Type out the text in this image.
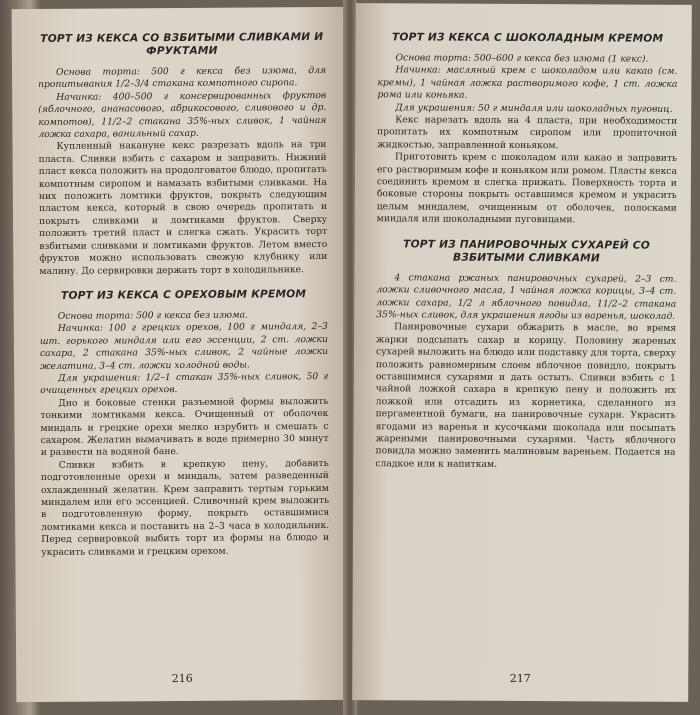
ТОРТ ИЗ КЕКСА СО ВЗБИТЫМИ СЛИВКАМИ И ФРУКТАМИ

Основа торта: 500 г кекса без изюма, для пропитывания 1/2–3/4 стакана компотного сиропа.

Начинка: 400–500 г консервированных фруктов (яблочного, ананасового, абрикосового, сливового и др. компотов), 11/2–2 стакана 35%-ных сливок, 1 чайная ложка сахара, ванильный сахар.

Купленный накануне кекс разрезать вдоль на три пласта. Сливки взбить с сахаром и заправить. Нижний пласт кекса положить на продолговатое блюдо, пропитать компотным сиропом и намазать взбитыми сливками. На них положить ломтики фруктов, покрыть следующим пластом кекса, который в свою очередь пропитать и покрыть сливками и ломтиками фруктов. Сверху положить третий пласт и слегка сжать. Украсить торт взбитыми сливками и ломтиками фруктов. Летом вместо фруктов можно использовать свежую клубнику или малину. До сервировки держать торт в холодильнике.

ТОРТ ИЗ КЕКСА С ОРЕХОВЫМ КРЕМОМ

Основа торта: 500 г кекса без изюма.

Начинка: 100 г грецких орехов, 100 г миндаля, 2–3 шт. горького миндаля или его эссенции, 2 ст. ложки сахара, 2 стакана 35%-ных сливок, 2 чайные ложки желатина, 3–4 ст. ложки холодной воды.

Для украшения: 1/2–1 стакан 35%-ных сливок, 50 г очищенных грецких орехов.

Дно и боковые стенки разъемной формы выложить тонкими ломтиками кекса. Очищенный от оболочек миндаль и грецкие орехи мелко изрубить и смешать с сахаром. Желатин вымачивать в воде примерно 30 минут и развести на водяной бане.

Сливки взбить в крепкую пену, добавить подготовленные орехи и миндаль, затем разведенный охлажденный желатин. Крем заправить тертым горьким миндалем или его эссенцией. Сливочный крем выложить в подготовленную форму, покрыть оставшимися ломтиками кекса и поставить на 2–3 часа в холодильник. Перед сервировкой выбить торт из формы на блюдо и украсить сливками и грецким орехом.

216
ТОРТ ИЗ КЕКСА С ШОКОЛАДНЫМ КРЕМОМ

Основа торта: 500–600 г кекса без изюма (1 кекс).

Начинка: масляный крем с шоколадом или какао (см. кремы), 1 чайная ложка растворимого кофе, 1 ст. ложка рома или коньяка.

Для украшения: 50 г миндаля или шоколадных пуговиц.

Кекс нарезать вдоль на 4 пласта, при необходимости пропитать их компотным сиропом или пропиточной жидкостью, заправленной коньяком.

Приготовить крем с шоколадом или какао и заправить его растворимым кофе и коньяком или ромом. Пласты кекса соединить кремом и слегка прижать. Поверхность торта и боковые стороны покрыть оставшимся кремом и украсить целым миндалем, очищенным от оболочек, полосками миндаля или шоколадными пуговицами.

ТОРТ ИЗ ПАНИРОВОЧНЫХ СУХАРЕЙ СО ВЗБИТЫМИ СЛИВКАМИ

4 стакана ржаных панировочных сухарей, 2–3 ст. ложки сливочного масла, 1 чайная ложка корицы, 3–4 ст. ложки сахара, 1/2 л яблочного повидла, 11/2–2 стакана 35%-ных сливок, для украшения ягоды из варенья, шоколад.

Панировочные сухари обжарить в масле, во время жарки подсыпать сахар и корицу. Половину жареных сухарей выложить на блюдо или подставку для торта, сверху положить равномерным слоем яблочное повидло, покрыть оставшимися сухарями и дать остыть. Сливки взбить с 1 чайной ложкой сахара в крепкую пену и положить их ложкой или отсадить из корнетика, сделанного из пергаментной бумаги, на панировочные сухари. Украсить ягодами из варенья и кусочками шоколада или посыпать жареными панировочными сухарями. Часть яблочного повидла можно заменить малиновым вареньем. Подается на сладкое или к напиткам.

217
